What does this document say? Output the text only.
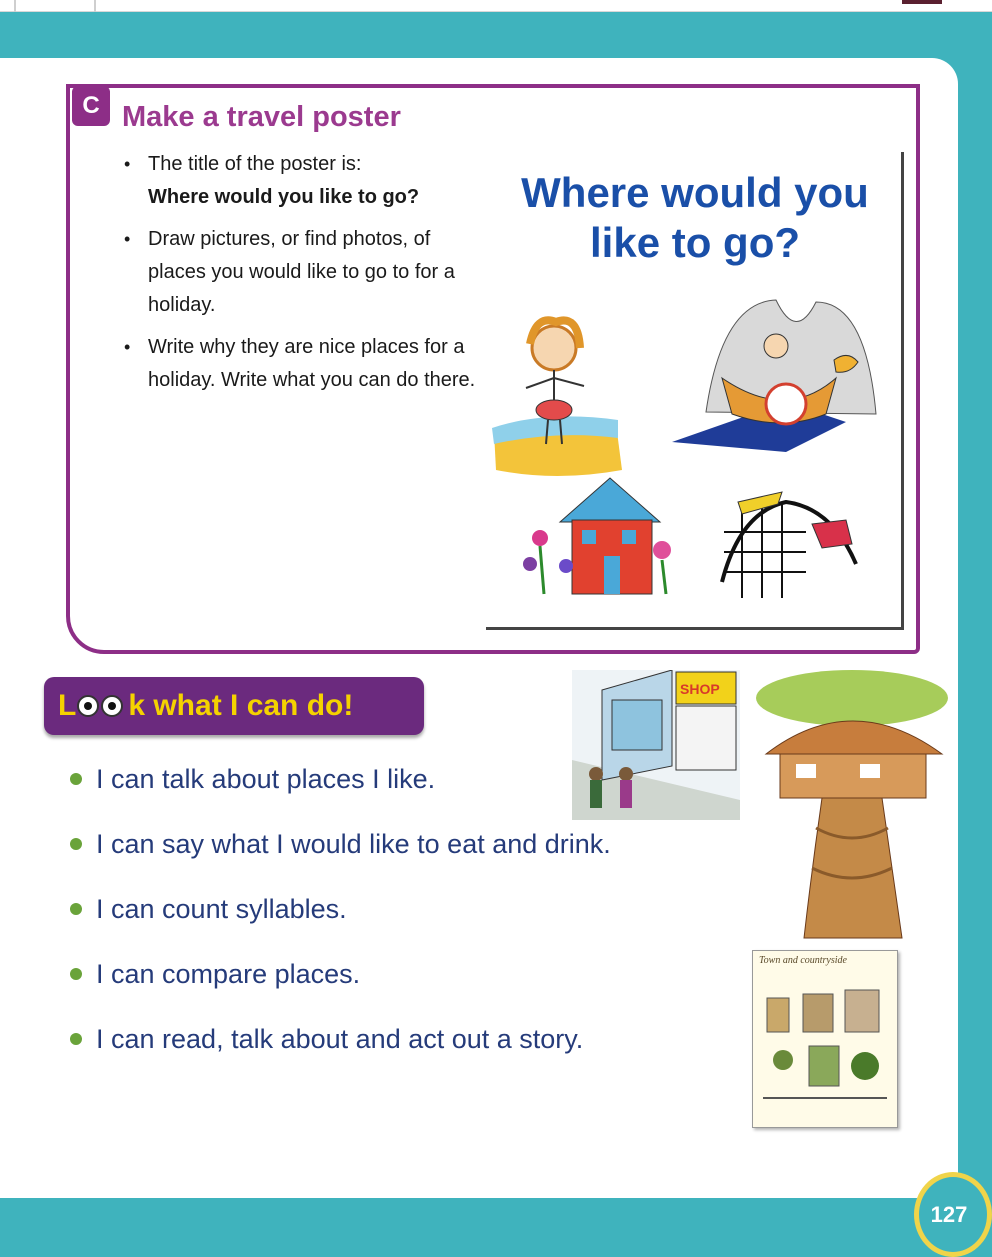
C Make a travel poster
• The title of the poster is:
Where would you like to go?
• Draw pictures, or find photos, of places you would like to go to for a holiday.
• Write why they are nice places for a holiday. Write what you can do there.
Where would you
like to go?
L k what I can do!
I can talk about places I like.
I can say what I would like to eat and drink.
I can count syllables.
I can compare places.
I can read, talk about and act out a story.
SHOP
Town and countryside
127
